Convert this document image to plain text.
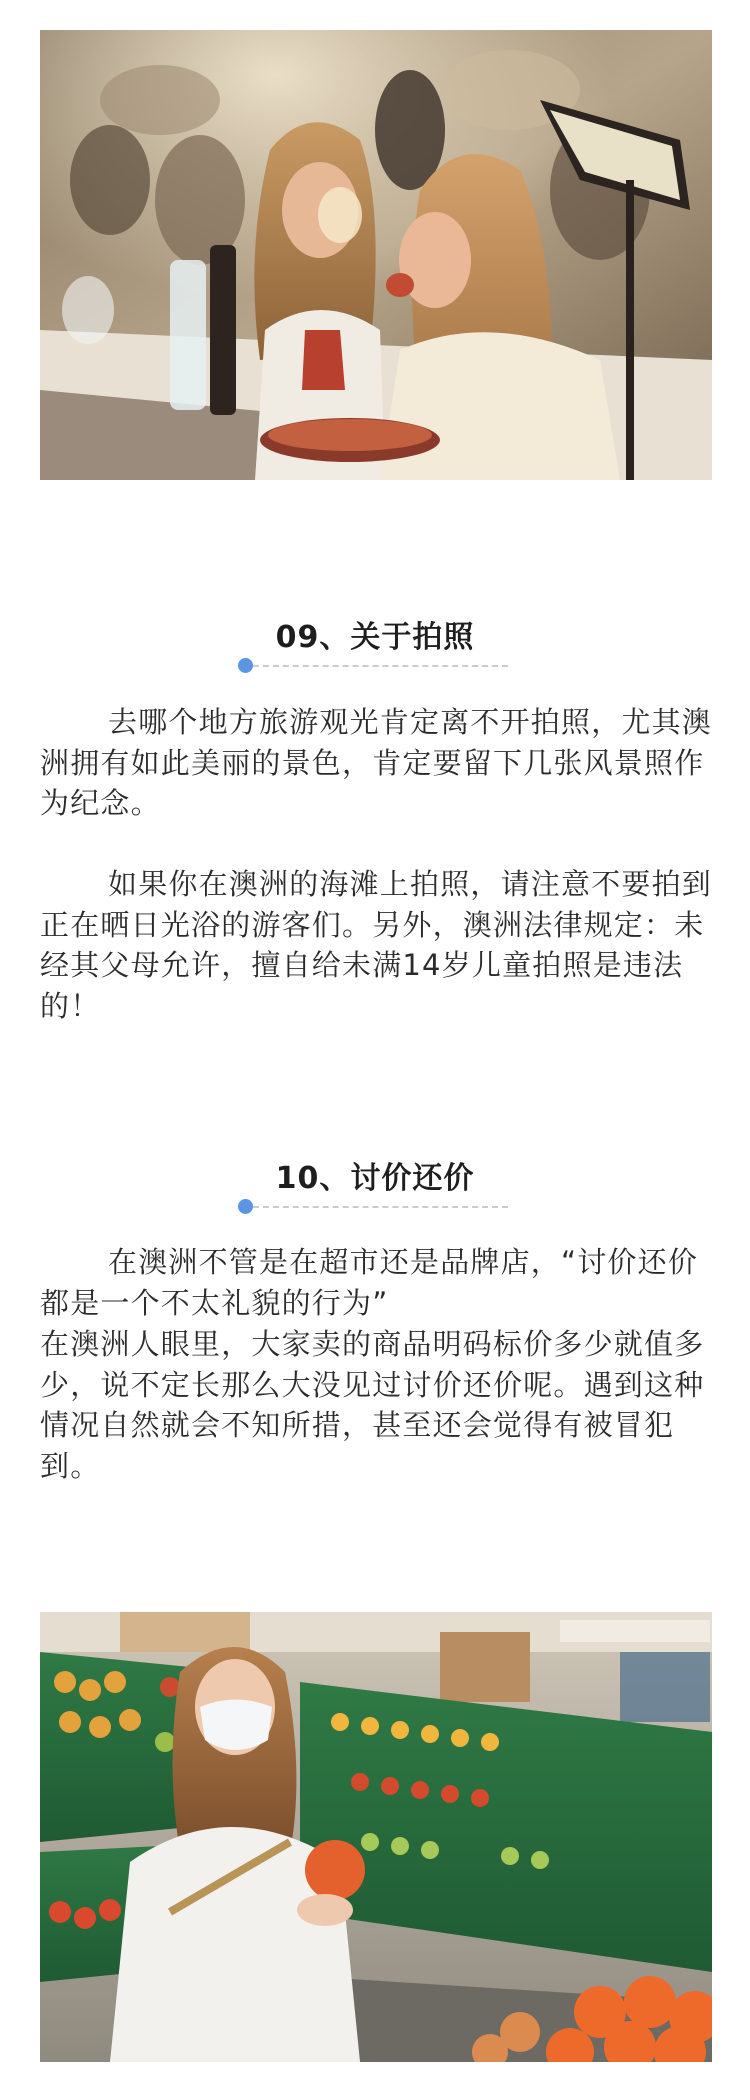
09、关于拍照

去哪个地方旅游观光肯定离不开拍照，尤其澳洲拥有如此美丽的景色，肯定要留下几张风景照作为纪念。

如果你在澳洲的海滩上拍照，请注意不要拍到正在晒日光浴的游客们。另外，澳洲法律规定：未经其父母允许，擅自给未满14岁儿童拍照是违法的！

10、讨价还价

在澳洲不管是在超市还是品牌店，“讨价还价都是一个不太礼貌的行为”

在澳洲人眼里，大家卖的商品明码标价多少就值多少，说不定长那么大没见过讨价还价呢。遇到这种情况自然就会不知所措，甚至还会觉得有被冒犯到。
